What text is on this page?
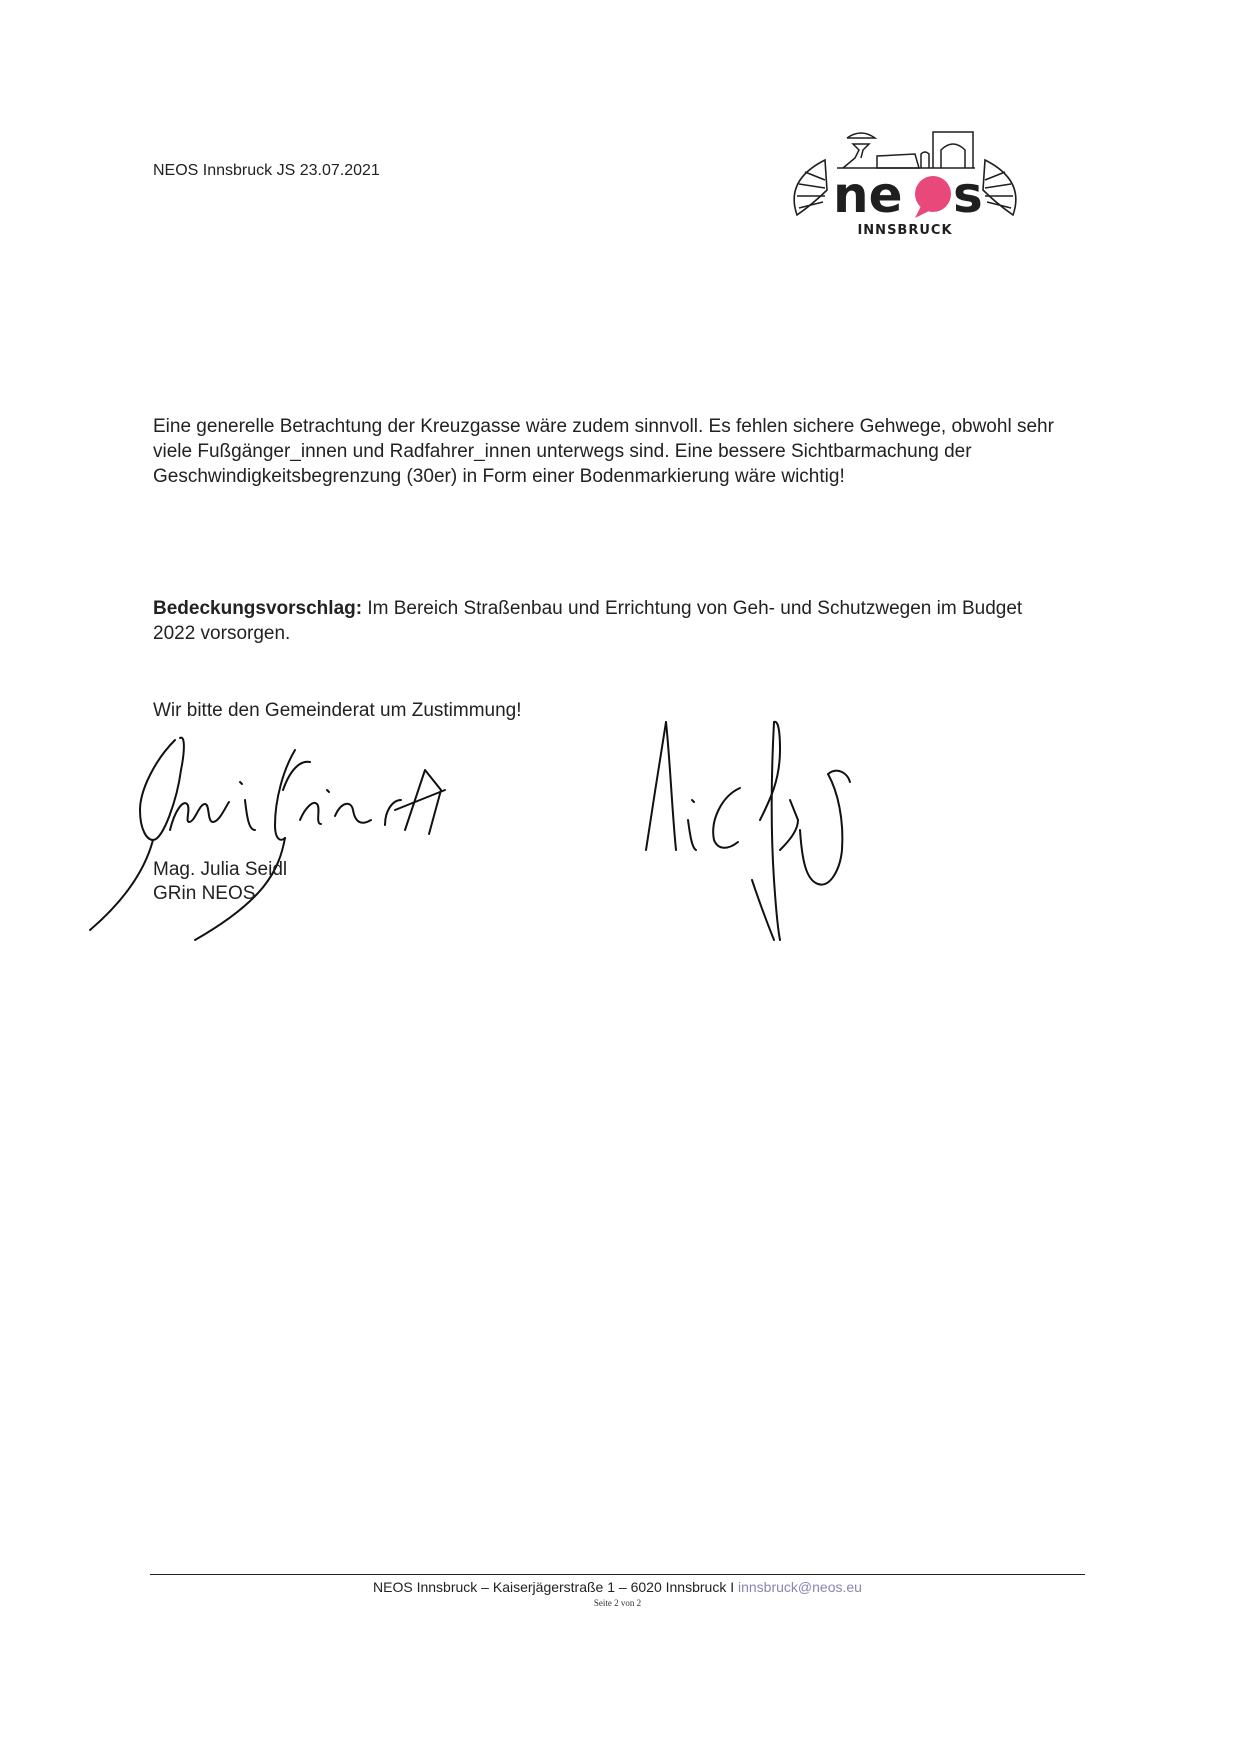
NEOS Innsbruck JS 23.07.2021	ne s
INNSBRUCK

Eine generelle Betrachtung der Kreuzgasse wäre zudem sinnvoll. Es fehlen sichere Gehwege, obwohl sehr

viele Fußgänger_innen und Radfahrer_innen unterwegs sind. Eine bessere Sichtbarmachung der

Geschwindigkeitsbegrenzung (30er) in Form einer Bodenmarkierung wäre wichtig!

Bedeckungsvorschlag: Im Bereich Straßenbau und Errichtung von Geh- und Schutzwegen im Budget
2022 vorsorgen.
Wir bitte den Gemeinderat um Zustimmung!
Mag. Julia Seidl
GRin NEOS
NEOS Innsbruck – Kaiserjägerstraße 1 – 6020 Innsbruck I innsbruck@neos.eu
Seite 2 von 2
